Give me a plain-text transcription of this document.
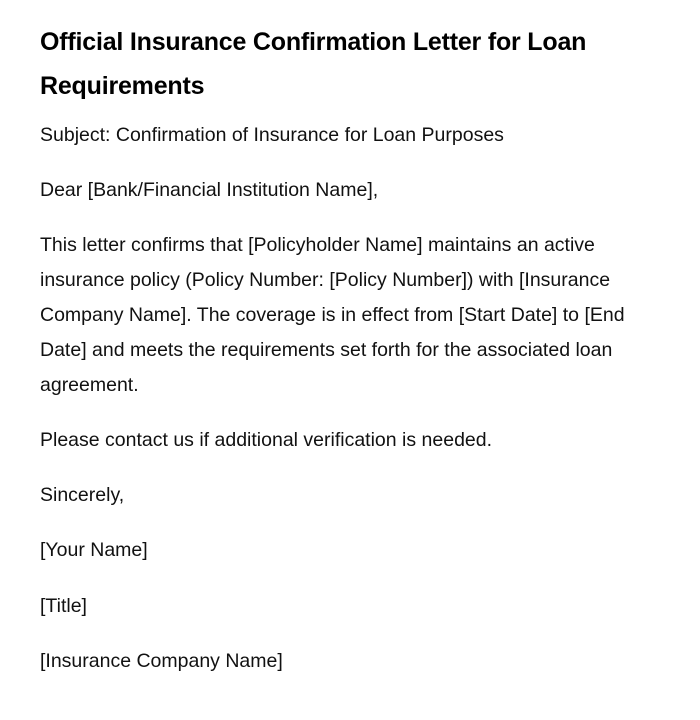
Official Insurance Confirmation Letter for Loan Requirements

Subject: Confirmation of Insurance for Loan Purposes

Dear [Bank/Financial Institution Name],

This letter confirms that [Policyholder Name] maintains an active insurance policy (Policy Number: [Policy Number]) with [Insurance Company Name]. The coverage is in effect from [Start Date] to [End Date] and meets the requirements set forth for the associated loan agreement.

Please contact us if additional verification is needed.

Sincerely,

[Your Name]

[Title]

[Insurance Company Name]
